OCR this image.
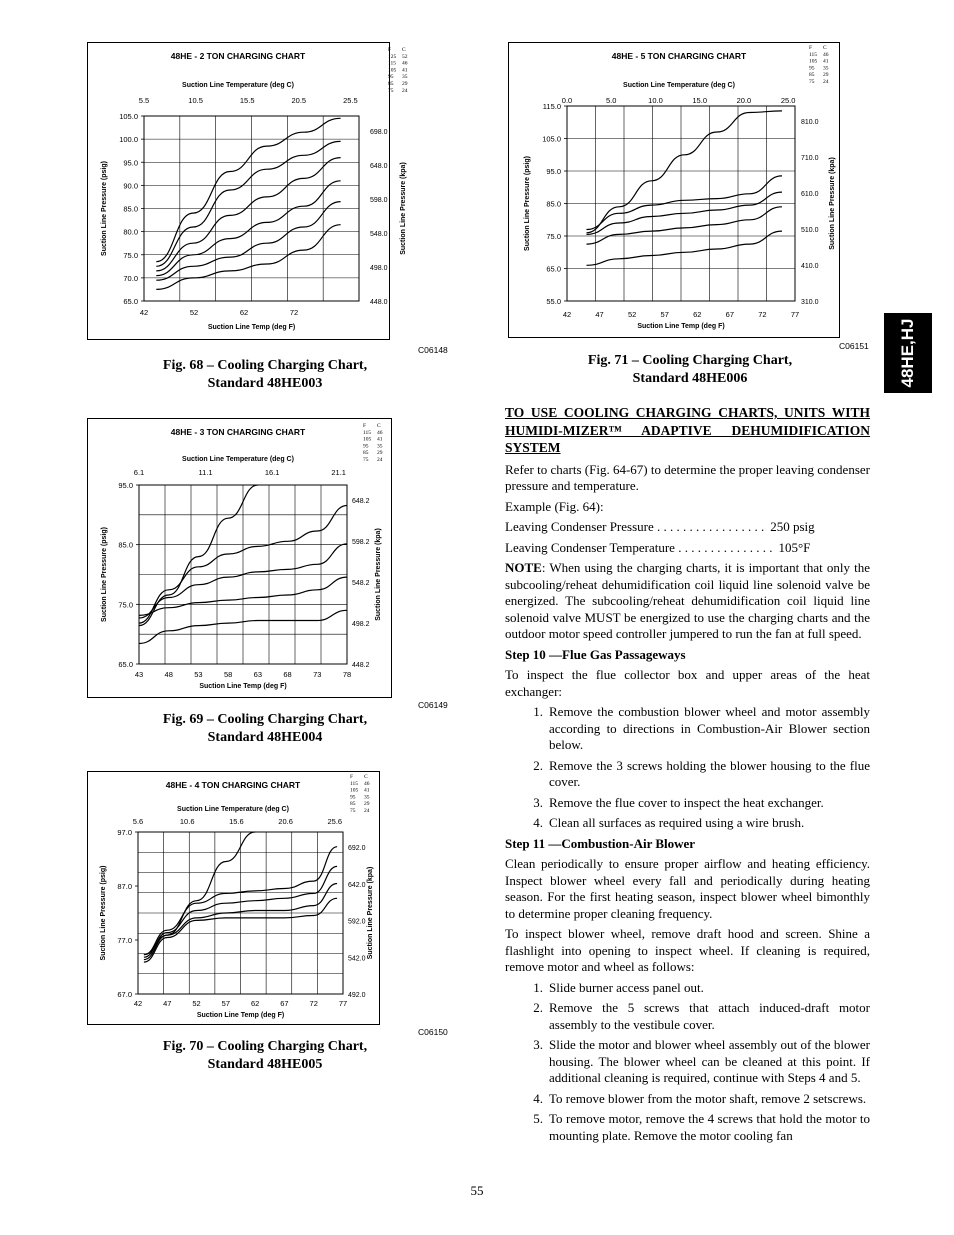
48HE - 2 TON CHARGING CHART
F C
125 52
115 46
105 41
95 35
85 29
75 24
Suction Line Temperature (deg C)
5.5	10.5	15.5	20.5	25.5
105.0
100.0
95.0
90.0
85.0
80.0
75.0
70.0
65.0
698.0
648.0
598.0
548.0
498.0
448.0
42	52	62	72
Suction Line Temp (deg F)
Suction Line Pressure (psig)	Suction Line Pressure (kpa)
C06148
Fig. 68 – Cooling Charging Chart,
Standard 48HE003
48HE - 3 TON CHARGING CHART
F C
115 46
105 41
95 35
85 29
75 24
Suction Line Temperature (deg C)
6.1	11.1	16.1	21.1
95.0
85.0
75.0
65.0
648.2
598.2
548.2
498.2
448.2
43	48	53	58	63	68	73	78
Suction Line Temp (deg F)
Suction Line Pressure (psig)	Suction Line Pressure (kpa)
C06149
Fig. 69 – Cooling Charging Chart,
Standard 48HE004
48HE - 4 TON CHARGING CHART
F C
115 46
105 41
95 35
85 29
75 24
Suction Line Temperature (deg C)
5.6	10.6	15.6	20.6	25.6
97.0
87.0
77.0
67.0
692.0
642.0
592.0
542.0
492.0
42	47	52	57	62	67	72	77
Suction Line Temp (deg F)
Suction Line Pressure (psig)	Suction Line Pressure (kpa)
C06150
Fig. 70 – Cooling Charging Chart,
Standard 48HE005
48HE - 5 TON CHARGING CHART
F C
115 46
105 41
95 35
85 29
75 24
Suction Line Temperature (deg C)
0.0	5.0	10.0	15.0	20.0	25.0
115.0
105.0
95.0
85.0
75.0
65.0
55.0
810.0
710.0
610.0
510.0
410.0
310.0
42	47	52	57	62	67	72	77
Suction Line Temp (deg F)
Suction Line Pressure (psig)	Suction Line Pressure (kpa)
C06151
Fig. 71 – Cooling Charging Chart,
Standard 48HE006	48HE,HJ
TO USE COOLING CHARGING CHARTS, UNITS WITH HUMIDI-MIZER™ ADAPTIVE DEHUMIDIFICATION SYSTEM

Refer to charts (Fig. 64-67) to determine the proper leaving condenser pressure and temperature.

Example (Fig. 64):

Leaving Condenser Pressure . . . . . . . . . . . . . . . . . 250 psig
Leaving Condenser Temperature . . . . . . . . . . . . . . . 105°F

NOTE: When using the charging charts, it is important that only the subcooling/reheat dehumidification coil liquid line solenoid valve be energized. The subcooling/reheat dehumidification coil liquid line solenoid valve MUST be energized to use the charging charts and the outdoor motor speed controller jumpered to run the fan at full speed.

Step 10 —Flue Gas Passageways

To inspect the flue collector box and upper areas of the heat exchanger:

1. Remove the combustion blower wheel and motor assembly according to directions in Combustion-Air Blower section below.
2. Remove the 3 screws holding the blower housing to the flue cover.
3. Remove the flue cover to inspect the heat exchanger.
4. Clean all surfaces as required using a wire brush.
Step 11 —Combustion-Air Blower

Clean periodically to ensure proper airflow and heating efficiency. Inspect blower wheel every fall and periodically during heating season. For the first heating season, inspect blower wheel bimonthly to determine proper cleaning frequency.

To inspect blower wheel, remove draft hood and screen. Shine a flashlight into opening to inspect wheel. If cleaning is required, remove motor and wheel as follows:

1. Slide burner access panel out.
2. Remove the 5 screws that attach induced-draft motor assembly to the vestibule cover.
3. Slide the motor and blower wheel assembly out of the blower housing. The blower wheel can be cleaned at this point. If additional cleaning is required, continue with Steps 4 and 5.
4. To remove blower from the motor shaft, remove 2 setscrews.
5. To remove motor, remove the 4 screws that hold the motor to mounting plate. Remove the motor cooling fan
55
